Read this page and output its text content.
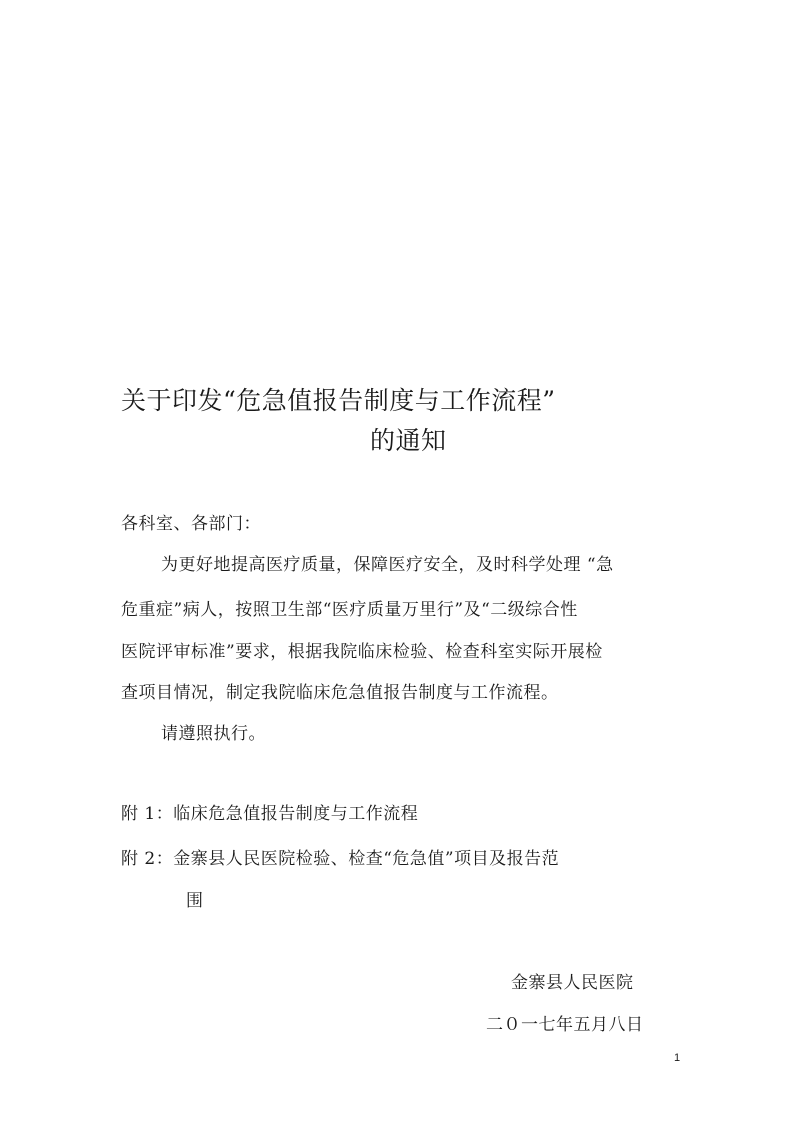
关于印发“危急值报告制度与工作流程”
的通知
各科室、各部门：
为更好地提高医疗质量，保障医疗安全，及时科学处理 “急
危重症”病人，按照卫生部“医疗质量万里行”及“二级综合性
医院评审标准”要求，根据我院临床检验、检查科室实际开展检
查项目情况，制定我院临床危急值报告制度与工作流程。
请遵照执行。
附 1：临床危急值报告制度与工作流程
附 2：金寨县人民医院检验、检查“危急值”项目及报告范
围
金寨县人民医院
二０一七年五月八日
1
